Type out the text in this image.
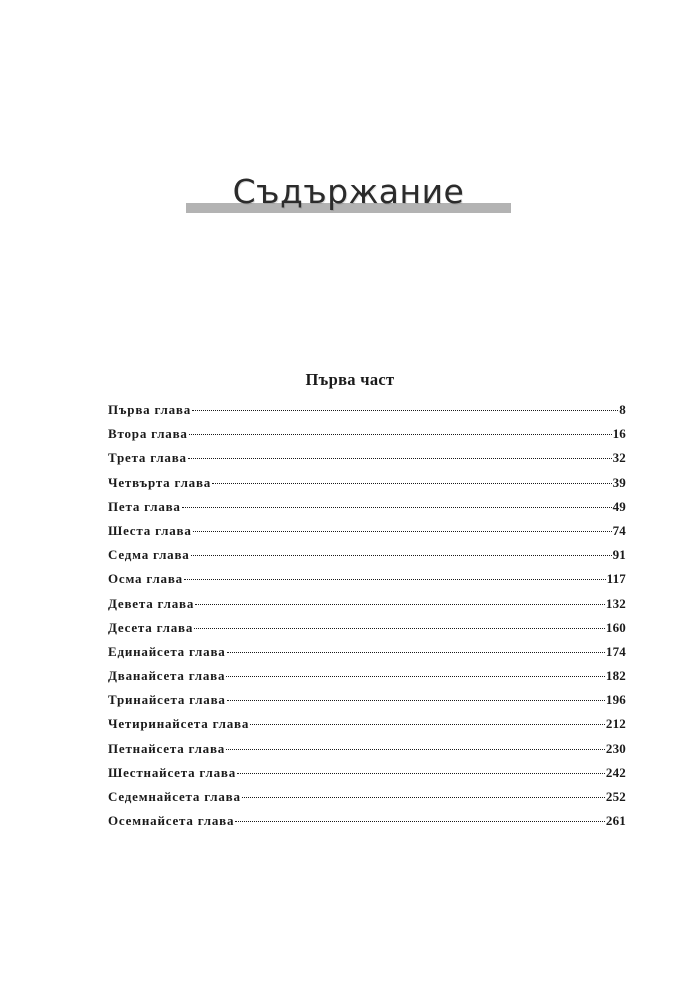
Съдържание
Първа част
Първа глава	8
Втора глава	16
Трета глава	32
Четвърта глава	39
Пета глава	49
Шеста глава	74
Седма глава	91
Осма глава	117
Девета глава	132
Десета глава	160
Единайсета глава	174
Дванайсета глава	182
Тринайсета глава	196
Четиринайсета глава	212
Петнайсета глава	230
Шестнайсета глава	242
Седемнайсета глава	252
Осемнайсета глава	261
